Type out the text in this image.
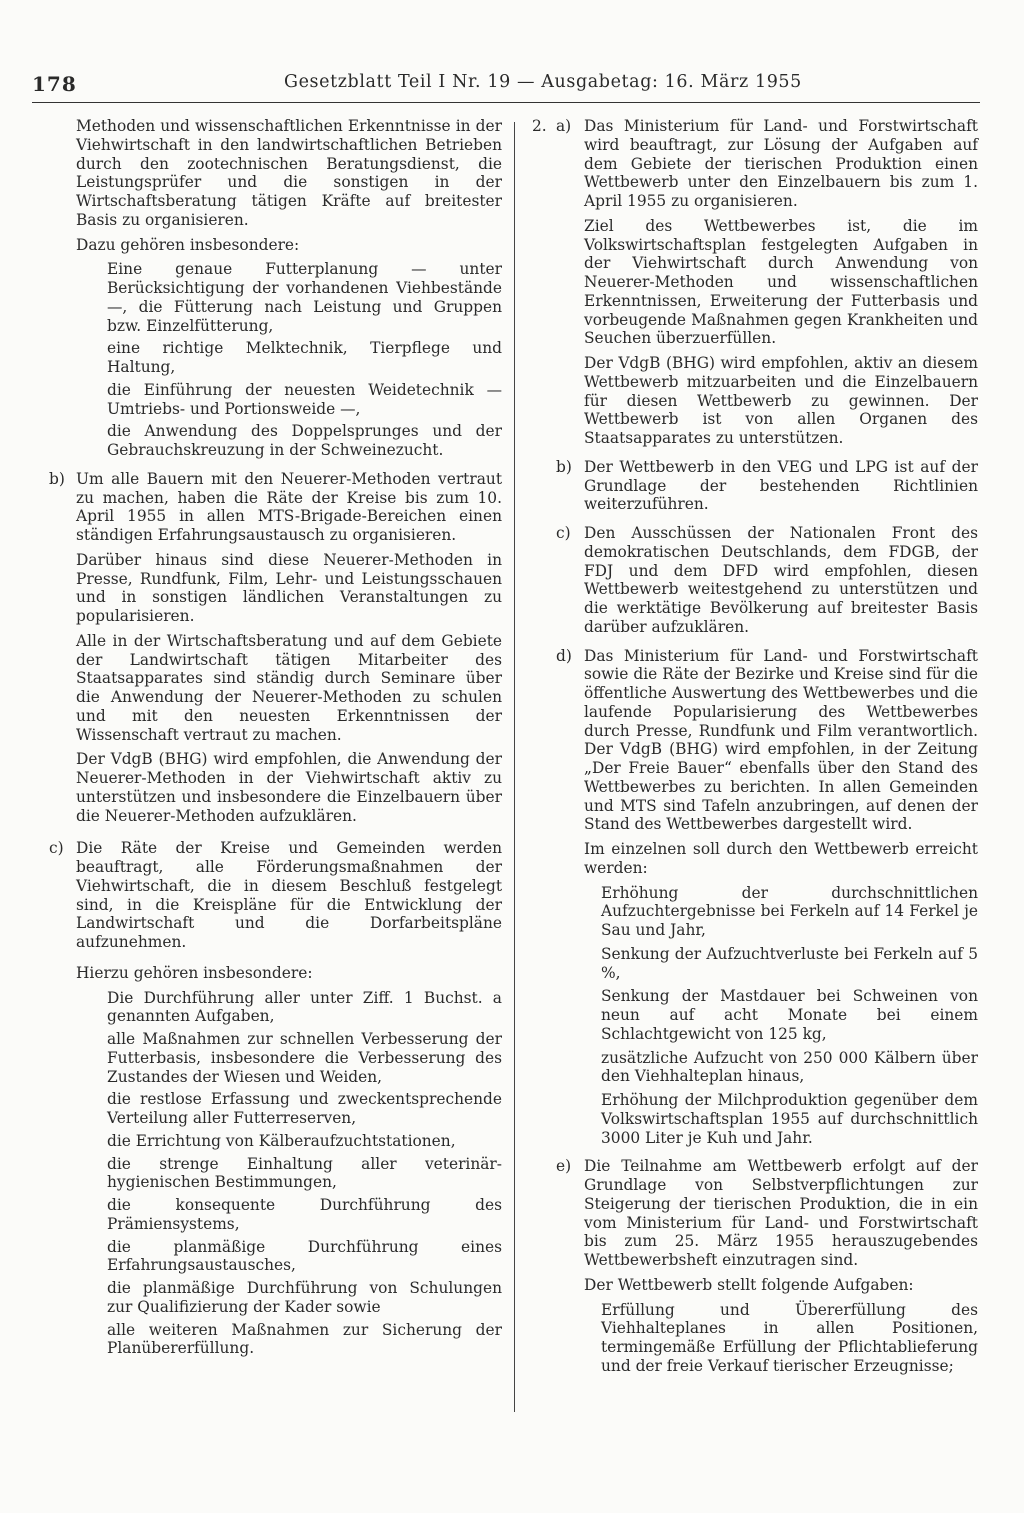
178	Gesetzblatt Teil I Nr. 19 — Ausgabetag: 16. März 1955

Methoden und wissenschaftlichen Erkenntnisse in der Viehwirtschaft in den landwirtschaftlichen Betrieben durch den zootechnischen Beratungsdienst, die Leistungsprüfer und die sonstigen in der Wirtschaftsberatung tätigen Kräfte auf breitester Basis zu organisieren.

Dazu gehören insbesondere:

Eine genaue Futterplanung — unter Berücksichtigung der vorhandenen Viehbestände —, die Fütterung nach Leistung und Gruppen bzw. Einzelfütterung,

eine richtige Melktechnik, Tierpflege und Haltung,

die Einführung der neuesten Weidetechnik — Umtriebs- und Portionsweide —,

die Anwendung des Doppelsprunges und der Gebrauchskreuzung in der Schweinezucht.

b) Um alle Bauern mit den Neuerer-Methoden vertraut zu machen, haben die Räte der Kreise bis zum 10. April 1955 in allen MTS-Brigade-Bereichen einen ständigen Erfahrungsaustausch zu organisieren.

Darüber hinaus sind diese Neuerer-Methoden in Presse, Rundfunk, Film, Lehr- und Leistungsschauen und in sonstigen ländlichen Veranstaltungen zu popularisieren.

Alle in der Wirtschaftsberatung und auf dem Gebiete der Landwirtschaft tätigen Mitarbeiter des Staatsapparates sind ständig durch Seminare über die Anwendung der Neuerer-Methoden zu schulen und mit den neuesten Erkenntnissen der Wissenschaft vertraut zu machen.

Der VdgB (BHG) wird empfohlen, die Anwendung der Neuerer-Methoden in der Viehwirtschaft aktiv zu unterstützen und insbesondere die Einzelbauern über die Neuerer-Methoden aufzuklären.

c) Die Räte der Kreise und Gemeinden werden beauftragt, alle Förderungsmaßnahmen der Viehwirtschaft, die in diesem Beschluß festgelegt sind, in die Kreispläne für die Entwicklung der Landwirtschaft und die Dorfarbeitspläne aufzunehmen.

Hierzu gehören insbesondere:

Die Durchführung aller unter Ziff. 1 Buchst. a genannten Aufgaben,

alle Maßnahmen zur schnellen Verbesserung der Futterbasis, insbesondere die Verbesserung des Zustandes der Wiesen und Weiden,

die restlose Erfassung und zweckentsprechende Verteilung aller Futterreserven,

die Errichtung von Kälberaufzuchtstationen,

die strenge Einhaltung aller veterinär-hygienischen Bestimmungen,

die konsequente Durchführung des Prämiensystems,

die planmäßige Durchführung eines Erfahrungsaustausches,

die planmäßige Durchführung von Schulungen zur Qualifizierung der Kader sowie

alle weiteren Maßnahmen zur Sicherung der Planübererfüllung.

2. a) Das Ministerium für Land- und Forstwirtschaft wird beauftragt, zur Lösung der Aufgaben auf dem Gebiete der tierischen Produktion einen Wettbewerb unter den Einzelbauern bis zum 1. April 1955 zu organisieren.

Ziel des Wettbewerbes ist, die im Volkswirtschaftsplan festgelegten Aufgaben in der Viehwirtschaft durch Anwendung von Neuerer-Methoden und wissenschaftlichen Erkenntnissen, Erweiterung der Futterbasis und vorbeugende Maßnahmen gegen Krankheiten und Seuchen überzuerfüllen.

Der VdgB (BHG) wird empfohlen, aktiv an diesem Wettbewerb mitzuarbeiten und die Einzelbauern für diesen Wettbewerb zu gewinnen. Der Wettbewerb ist von allen Organen des Staatsapparates zu unterstützen.

b) Der Wettbewerb in den VEG und LPG ist auf der Grundlage der bestehenden Richtlinien weiterzuführen.

c) Den Ausschüssen der Nationalen Front des demokratischen Deutschlands, dem FDGB, der FDJ und dem DFD wird empfohlen, diesen Wettbewerb weitestgehend zu unterstützen und die werktätige Bevölkerung auf breitester Basis darüber aufzuklären.

d) Das Ministerium für Land- und Forstwirtschaft sowie die Räte der Bezirke und Kreise sind für die öffentliche Auswertung des Wettbewerbes und die laufende Popularisierung des Wettbewerbes durch Presse, Rundfunk und Film verantwortlich. Der VdgB (BHG) wird empfohlen, in der Zeitung „Der Freie Bauer“ ebenfalls über den Stand des Wettbewerbes zu berichten. In allen Gemeinden und MTS sind Tafeln anzubringen, auf denen der Stand des Wettbewerbes dargestellt wird.

Im einzelnen soll durch den Wettbewerb erreicht werden:

Erhöhung der durchschnittlichen Aufzuchtergebnisse bei Ferkeln auf 14 Ferkel je Sau und Jahr,

Senkung der Aufzuchtverluste bei Ferkeln auf 5 %,

Senkung der Mastdauer bei Schweinen von neun auf acht Monate bei einem Schlachtgewicht von 125 kg,

zusätzliche Aufzucht von 250 000 Kälbern über den Viehhalteplan hinaus,

Erhöhung der Milchproduktion gegenüber dem Volkswirtschaftsplan 1955 auf durchschnittlich 3000 Liter je Kuh und Jahr.

e) Die Teilnahme am Wettbewerb erfolgt auf der Grundlage von Selbstverpflichtungen zur Steigerung der tierischen Produktion, die in ein vom Ministerium für Land- und Forstwirtschaft bis zum 25. März 1955 herauszugebendes Wettbewerbsheft einzutragen sind.

Der Wettbewerb stellt folgende Aufgaben:

Erfüllung und Übererfüllung des Viehhalteplanes in allen Positionen, termingemäße Erfüllung der Pflichtablieferung und der freie Verkauf tierischer Erzeugnisse;
